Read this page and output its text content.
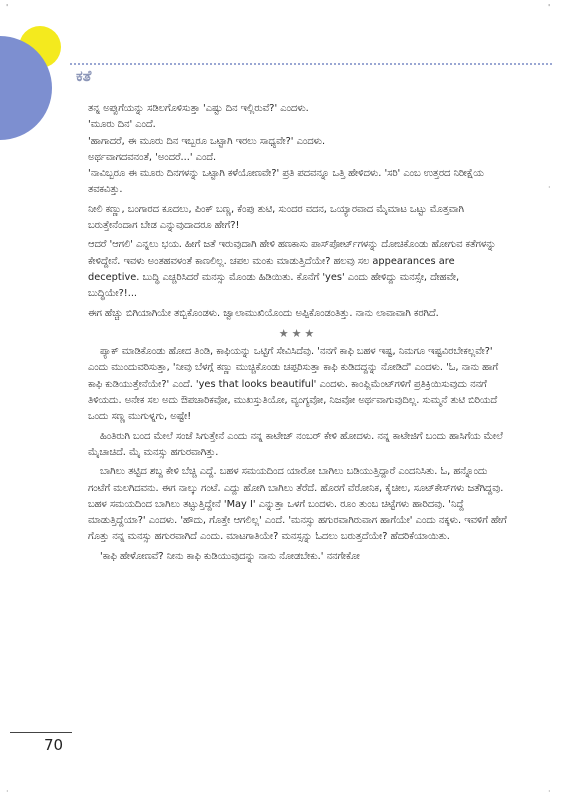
ಕತೆ
'	'
·
·	·

ತನ್ನ ಅಪ್ಪುಗೆಯನ್ನು ಸಡಿಲಗೊಳಿಸುತ್ತಾ 'ಎಷ್ಟು ದಿನ ಇಲ್ಲಿರುವೆ?' ಎಂದಳು.

'ಮೂರು ದಿನ' ಎಂದೆ.

'ಹಾಗಾದರೆ, ಈ ಮೂರು ದಿನ ಇಬ್ಬರೂ ಒಟ್ಟಾಗಿ ಇರಲು ಸಾಧ್ಯವೇ?' ಎಂದಳು.

ಅರ್ಥವಾಗದವನಂತೆ, 'ಅಂದರೆ...' ಎಂದೆ.

'ನಾವಿಬ್ಬರೂ ಈ ಮೂರು ದಿನಗಳನ್ನು ಒಟ್ಟಾಗಿ ಕಳೆಯೋಣವೇ?' ಪ್ರತಿ ಪದವನ್ನೂ ಒತ್ತಿ ಹೇಳಿದಳು. 'ಸರಿ' ಎಂಬ ಉತ್ತರದ ನಿರೀಕ್ಷೆಯ ತವಕವಿತ್ತು.

ನೀಲಿ ಕಣ್ಣು, ಬಂಗಾರದ ಕೂದಲು, ಪಿಂಕ್ ಬಣ್ಣ, ಕೆಂಪು ತುಟಿ, ಸುಂದರ ವದನ, ಒಯ್ಯಾರವಾದ ಮೈಮಾಟ ಒಟ್ಟು ಮೊತ್ತವಾಗಿ ಬರುತ್ತೇನೆಂದಾಗ ಬೇಡ ಎನ್ನುವುದಾದರೂ ಹೇಗೆ?!

ಆದರೆ 'ಆಗಲಿ' ಎನ್ನಲು ಭಯ. ಹೀಗೆ ಜತೆ ಇರುವುದಾಗಿ ಹೇಳಿ ಹಣಕಾಸು ಪಾಸ್‌ಪೋರ್ಟ್‌ಗಳನ್ನು ದೋಚಿಕೊಂಡು ಹೋಗುವ ಕತೆಗಳನ್ನು ಕೇಳಿದ್ದೇನೆ. ಇವಳು ಅಂತಹವಳಂತೆ ಕಾಣಲಿಲ್ಲ. ಚಪಲ ಮಂಕು ಮಾಡುತ್ತಿದೆಯೇ? ಹಲವು ಸಲ appearances are deceptive. ಬುದ್ಧಿ ಎಚ್ಚರಿಸಿದರೆ ಮನಸ್ಸು ಮೊಂಡು ಹಿಡಿಯಿತು. ಕೊನೆಗೆ 'yes' ಎಂದು ಹೇಳಿದ್ದು ಮನಸ್ಸೇ, ದೇಹವೇ, ಬುದ್ಧಿಯೇ?!...

ಈಗ ಹೆಚ್ಚು ಬಿಗಿಯಾಗಿಯೇ ತಬ್ಬಿಕೊಂಡಳು. ಜ್ವಾಲಾಮುಖಿಯೊಂದು ಅಪ್ಪಿಕೊಂಡಂತಿತ್ತು. ನಾನು ಲಾವಾವಾಗಿ ಕರಗಿದೆ.

★★★

ಪ್ಯಾಕ್ ಮಾಡಿಕೊಂಡು ಹೋದ ತಿಂಡಿ, ಕಾಫಿಯನ್ನು ಒಟ್ಟಿಗೆ ಸೇವಿಸಿದೆವು. 'ನನಗೆ ಕಾಫಿ ಬಹಳ ಇಷ್ಟ, ನಿಮಗೂ ಇಷ್ಟವಿರಬೇಕಲ್ಲವೇ?' ಎಂದು ಮುಂದುವರಿಸುತ್ತಾ, 'ನೀವು ಬೆಳಗ್ಗೆ ಕಣ್ಣು ಮುಚ್ಚಿಕೊಂಡು ಚಪ್ಪರಿಸುತ್ತಾ ಕಾಫಿ ಕುಡಿದದ್ದನ್ನು ನೋಡಿದೆ' ಎಂದಳು. 'ಓ, ನಾನು ಹಾಗೆ ಕಾಫಿ ಕುಡಿಯುತ್ತೇನೆಯೇ?' ಎಂದೆ. 'yes that looks beautiful' ಎಂದಳು. ಕಾಂಪ್ಲಿಮೆಂಟ್‌ಗಳಿಗೆ ಪ್ರತಿಕ್ರಿಯಿಸುವುದು ನನಗೆ ತಿಳಿಯದು. ಅನೇಕ ಸಲ ಅದು ಔಪಚಾರಿಕವೋ, ಮುಖಸ್ತುತಿಯೋ, ವ್ಯಂಗ್ಯವೋ, ನಿಜವೋ ಅರ್ಥವಾಗುವುದಿಲ್ಲ. ಸುಮ್ಮನೆ ತುಟಿ ಬಿರಿಯದೆ ಒಂದು ಸಣ್ಣ ಮುಗುಳ್ನಗು, ಅಷ್ಟೇ!

ಹಿಂತಿರುಗಿ ಬಂದ ಮೇಲೆ ಸಂಜೆ ಸಿಗುತ್ತೇನೆ ಎಂದು ನನ್ನ ಕಾಟೇಜ್ ನಂಬರ್ ಕೇಳಿ ಹೋದಳು. ನನ್ನ ಕಾಟೇಜಿಗೆ ಬಂದು ಹಾಸಿಗೆಯ ಮೇಲೆ ಮೈಚಾಚಿದೆ. ಮೈ ಮನಸ್ಸು ಹಗುರವಾಗಿತ್ತು.

ಬಾಗಿಲು ತಟ್ಟಿದ ಶಬ್ದ ಕೇಳಿ ಬೆಚ್ಚಿ ಎದ್ದೆ. ಬಹಳ ಸಮಯದಿಂದ ಯಾರೋ ಬಾಗಿಲು ಬಡಿಯುತ್ತಿದ್ದಾರೆ ಎಂದನಿಸಿತು. ಓ, ಹನ್ನೊಂದು ಗಂಟೆಗೆ ಮಲಗಿದವನು. ಈಗ ನಾಲ್ಕು ಗಂಟೆ. ಎದ್ದು ಹೋಗಿ ಬಾಗಿಲು ತೆರೆದೆ. ಹೊರಗೆ ವೆರೋನಿಕ, ಕೈಚೀಲ, ಸೂಟ್‌ಕೇಸ್‌ಗಳು ಜತೆಗಿದ್ದವು. ಬಹಳ ಸಮಯದಿಂದ ಬಾಗಿಲು ತಟ್ಟುತ್ತಿದ್ದೇನೆ 'May I' ಎನ್ನುತ್ತಾ ಒಳಗೆ ಬಂದಳು. ರೂಂ ತುಂಬ ಚಿಟ್ಟೆಗಳು ಹಾರಿದವು. 'ನಿದ್ದೆ ಮಾಡುತ್ತಿದ್ದೆಯಾ?' ಎಂದಳು. 'ಹೌದು, ಗೊತ್ತೇ ಆಗಲಿಲ್ಲ' ಎಂದೆ. 'ಮನಸ್ಸು ಹಗುರವಾಗಿರುವಾಗ ಹಾಗೆಯೇ' ಎಂದು ನಕ್ಕಳು. ಇವಳಿಗೆ ಹೇಗೆ ಗೊತ್ತು ನನ್ನ ಮನಸ್ಸು ಹಗುರವಾಗಿದೆ ಎಂದು. ಮಾಟಗಾತಿಯೇ? ಮನಸ್ಸನ್ನು ಓದಲು ಬರುತ್ತದೆಯೇ? ಹೆದರಿಕೆಯಾಯಿತು.

'ಕಾಫಿ ಹೇಳೋಣವೆ? ನೀನು ಕಾಫಿ ಕುಡಿಯುವುದನ್ನು ನಾನು ನೋಡಬೇಕು.' ನನಗೇಕೋ

70
